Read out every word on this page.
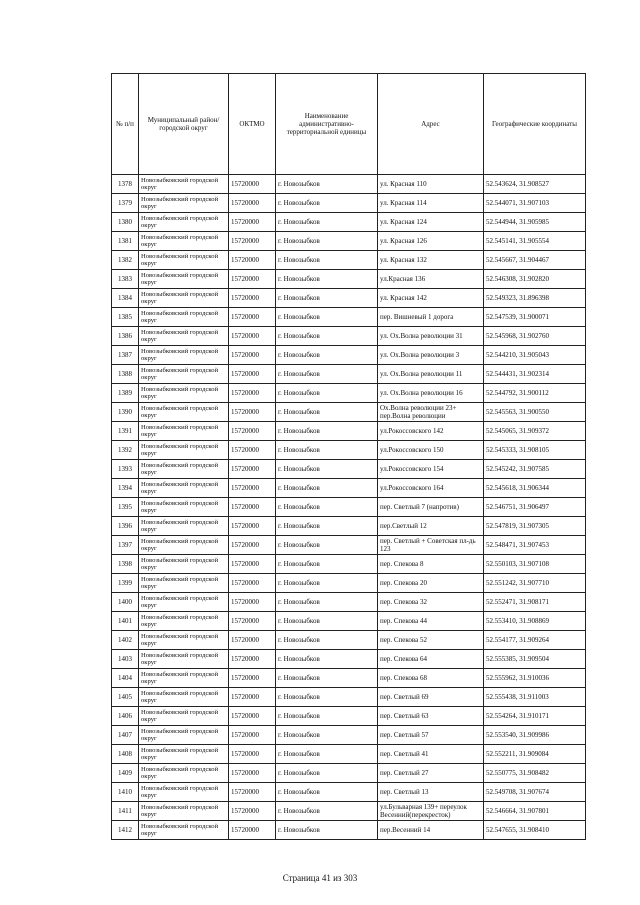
№ п/п	Муниципальный район/городской округ	ОКТМО	Наименование административно-территориальной единицы	Адрес	Географические координаты
1378	Новозыбковский городской округ	15720000	г. Новозыбков	ул. Красная 110	52.543624, 31.908527
1379	Новозыбковский городской округ	15720000	г. Новозыбков	ул. Красная 114	52.544071, 31.907103
1380	Новозыбковский городской округ	15720000	г. Новозыбков	ул. Красная 124	52.544944, 31.905985
1381	Новозыбковский городской округ	15720000	г. Новозыбков	ул. Красная 126	52.545141, 31.905554
1382	Новозыбковский городской округ	15720000	г. Новозыбков	ул. Красная 132	52.545667, 31.904467
1383	Новозыбковский городской округ	15720000	г. Новозыбков	ул.Красная 136	52.546308, 31.902820
1384	Новозыбковский городской округ	15720000	г. Новозыбков	ул. Красная 142	52.549323, 31.896398
1385	Новозыбковский городской округ	15720000	г. Новозыбков	пер. Вишневый 1 дорога	52.547539, 31.900071
1386	Новозыбковский городской округ	15720000	г. Новозыбков	ул. Ох.Волна революции 31	52.545968, 31.902760
1387	Новозыбковский городской округ	15720000	г. Новозыбков	ул. Ох.Волна революции 3	52.544210, 31.905043
1388	Новозыбковский городской округ	15720000	г. Новозыбков	ул. Ох.Волна революции 11	52.544431, 31.902314
1389	Новозыбковский городской округ	15720000	г. Новозыбков	ул. Ох.Волна революции 16	52.544792, 31.900112
1390	Новозыбковский городской округ	15720000	г. Новозыбков	Ох.Волна революции 23+ пер.Волна революции	52.545563, 31.900550
1391	Новозыбковский городской округ	15720000	г. Новозыбков	ул.Рокоссовского 142	52.545065, 31.909372
1392	Новозыбковский городской округ	15720000	г. Новозыбков	ул.Рокоссовского 150	52.545333, 31.908105
1393	Новозыбковский городской округ	15720000	г. Новозыбков	ул.Рокоссовского 154	52.545242, 31.907585
1394	Новозыбковский городской округ	15720000	г. Новозыбков	ул.Рокоссовского 164	52.545618, 31.906344
1395	Новозыбковский городской округ	15720000	г. Новозыбков	пер. Светлый 7 (напротив)	52.546751, 31.906497
1396	Новозыбковский городской округ	15720000	г. Новозыбков	пер.Светлый 12	52.547819, 31.907305
1397	Новозыбковский городской округ	15720000	г. Новозыбков	пер. Светлый + Советская пл-дь 123	52.548471, 31.907453
1398	Новозыбковский городской округ	15720000	г. Новозыбков	пер. Спекова 8	52.550103, 31.907108
1399	Новозыбковский городской округ	15720000	г. Новозыбков	пер. Спекова 20	52.551242, 31.907710
1400	Новозыбковский городской округ	15720000	г. Новозыбков	пер. Спекова 32	52.552471, 31.908171
1401	Новозыбковский городской округ	15720000	г. Новозыбков	пер. Спекова 44	52.553410, 31.908869
1402	Новозыбковский городской округ	15720000	г. Новозыбков	пер. Спекова 52	52.554177, 31.909264
1403	Новозыбковский городской округ	15720000	г. Новозыбков	пер. Спекова 64	52.555385, 31.909504
1404	Новозыбковский городской округ	15720000	г. Новозыбков	пер. Спекова 68	52.555962, 31.910036
1405	Новозыбковский городской округ	15720000	г. Новозыбков	пер. Светлый 69	52.555438, 31.911003
1406	Новозыбковский городской округ	15720000	г. Новозыбков	пер. Светлый 63	52.554264, 31.910171
1407	Новозыбковский городской округ	15720000	г. Новозыбков	пер. Светлый 57	52.553540, 31.909986
1408	Новозыбковский городской округ	15720000	г. Новозыбков	пер. Светлый 41	52.552211, 31.909084
1409	Новозыбковский городской округ	15720000	г. Новозыбков	пер. Светлый 27	52.550775, 31.908482
1410	Новозыбковский городской округ	15720000	г. Новозыбков	пер. Светлый 13	52.549708, 31.907674
1411	Новозыбковский городской округ	15720000	г. Новозыбков	ул.Бульварная 139+ переулок Весенний(перекресток)	52.546664, 31.907801
1412	Новозыбковский городской округ	15720000	г. Новозыбков	пер.Весенний 14	52.547655, 31.908410
Страница 41 из 303
